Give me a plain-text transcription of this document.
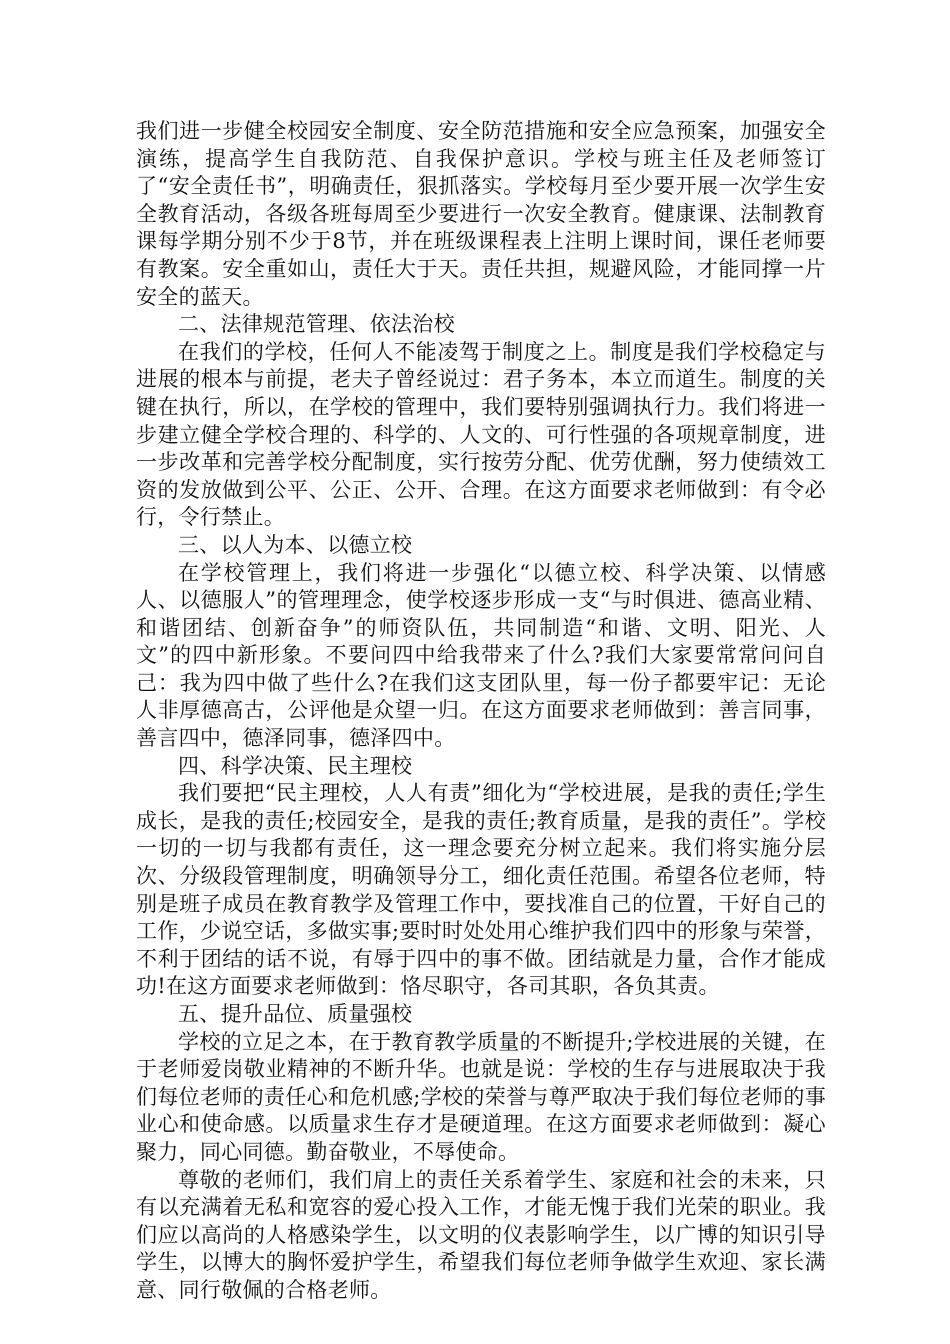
我们进一步健全校园安全制度、安全防范措施和安全应急预案，加强安全演练，提高学生自我防范、自我保护意识。学校与班主任及老师签订了“安全责任书”，明确责任，狠抓落实。学校每月至少要开展一次学生安全教育活动，各级各班每周至少要进行一次安全教育。健康课、法制教育课每学期分别不少于8节，并在班级课程表上注明上课时间，课任老师要有教案。安全重如山，责任大于天。责任共担，规避风险，才能同撑一片安全的蓝天。

二、法律规范管理、依法治校

在我们的学校，任何人不能凌驾于制度之上。制度是我们学校稳定与进展的根本与前提，老夫子曾经说过：君子务本，本立而道生。制度的关键在执行，所以，在学校的管理中，我们要特别强调执行力。我们将进一步建立健全学校合理的、科学的、人文的、可行性强的各项规章制度，进一步改革和完善学校分配制度，实行按劳分配、优劳优酬，努力使绩效工资的发放做到公平、公正、公开、合理。在这方面要求老师做到：有令必行，令行禁止。

三、以人为本、以德立校

在学校管理上，我们将进一步强化“以德立校、科学决策、以情感人、以德服人”的管理理念，使学校逐步形成一支“与时俱进、德高业精、和谐团结、创新奋争”的师资队伍，共同制造“和谐、文明、阳光、人文”的四中新形象。不要问四中给我带来了什么?我们大家要常常问问自己：我为四中做了些什么?在我们这支团队里，每一份子都要牢记：无论人非厚德高古，公评他是众望一归。在这方面要求老师做到：善言同事，善言四中，德泽同事，德泽四中。

四、科学决策、民主理校

我们要把“民主理校，人人有责”细化为“学校进展，是我的责任;学生成长，是我的责任;校园安全，是我的责任;教育质量，是我的责任”。学校一切的一切与我都有责任，这一理念要充分树立起来。我们将实施分层次、分级段管理制度，明确领导分工，细化责任范围。希望各位老师，特别是班子成员在教育教学及管理工作中，要找准自己的位置，干好自己的工作，少说空话，多做实事;要时时处处用心维护我们四中的形象与荣誉，不利于团结的话不说，有辱于四中的事不做。团结就是力量，合作才能成功!在这方面要求老师做到：恪尽职守，各司其职，各负其责。

五、提升品位、质量强校

学校的立足之本，在于教育教学质量的不断提升;学校进展的关键，在于老师爱岗敬业精神的不断升华。也就是说：学校的生存与进展取决于我们每位老师的责任心和危机感;学校的荣誉与尊严取决于我们每位老师的事业心和使命感。以质量求生存才是硬道理。在这方面要求老师做到：凝心聚力，同心同德。勤奋敬业，不辱使命。

尊敬的老师们，我们肩上的责任关系着学生、家庭和社会的未来，只有以充满着无私和宽容的爱心投入工作，才能无愧于我们光荣的职业。我们应以高尚的人格感染学生，以文明的仪表影响学生，以广博的知识引导学生，以博大的胸怀爱护学生，希望我们每位老师争做学生欢迎、家长满意、同行敬佩的合格老师。
